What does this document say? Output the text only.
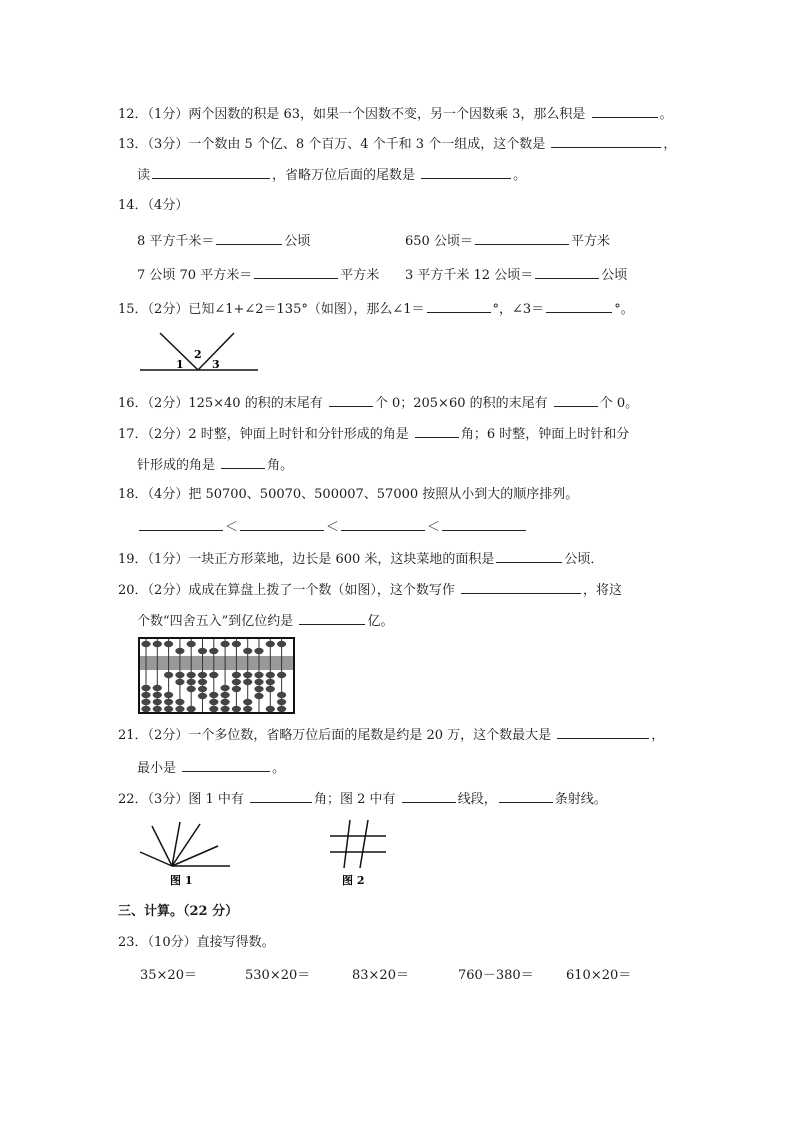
12．（1分）两个因数的积是 63，如果一个因数不变，另一个因数乘 3，那么积是	。
13．（3分）一个数由 5 个亿、8 个百万、4 个千和 3 个一组成，这个数是	，
读	，省略万位后面的尾数是	。
14．（4分）
8 平方千米＝	公顷	650 公顷＝	平方米
7 公顷 70 平方米＝	平方米 3 平方千米 12 公顷＝	公顷
15．（2分）已知∠1+∠2＝135°（如图），那么∠1＝	°，∠3＝	°。
1
2
3
16．（2分）125×40 的积的末尾有	个 0；205×60 的积的末尾有	个 0。
17．（2分）2 时整，钟面上时针和分针形成的角是	角；6 时整，钟面上时针和分
针形成的角是	角。
18．（4分）把 50700、50070、500007、57000 按照从小到大的顺序排列。
＜	＜	＜
19．（1分）一块正方形菜地，边长是 600 米，这块菜地的面积是	公顷．
20．（2分）成成在算盘上拨了一个数（如图），这个数写作	，将这
个数“四舍五入”到亿位约是	亿。
21．（2分）一个多位数，省略万位后面的尾数是约是 20 万，这个数最大是	，
最小是	。
22．（3分）图 1 中有	角；图 2 中有	线段，	条射线。
图 1	图 2
三、计算。（22 分）
23．（10分）直接写得数。
35×20＝	530×20＝	83×20＝	760－380＝ 610×20＝
